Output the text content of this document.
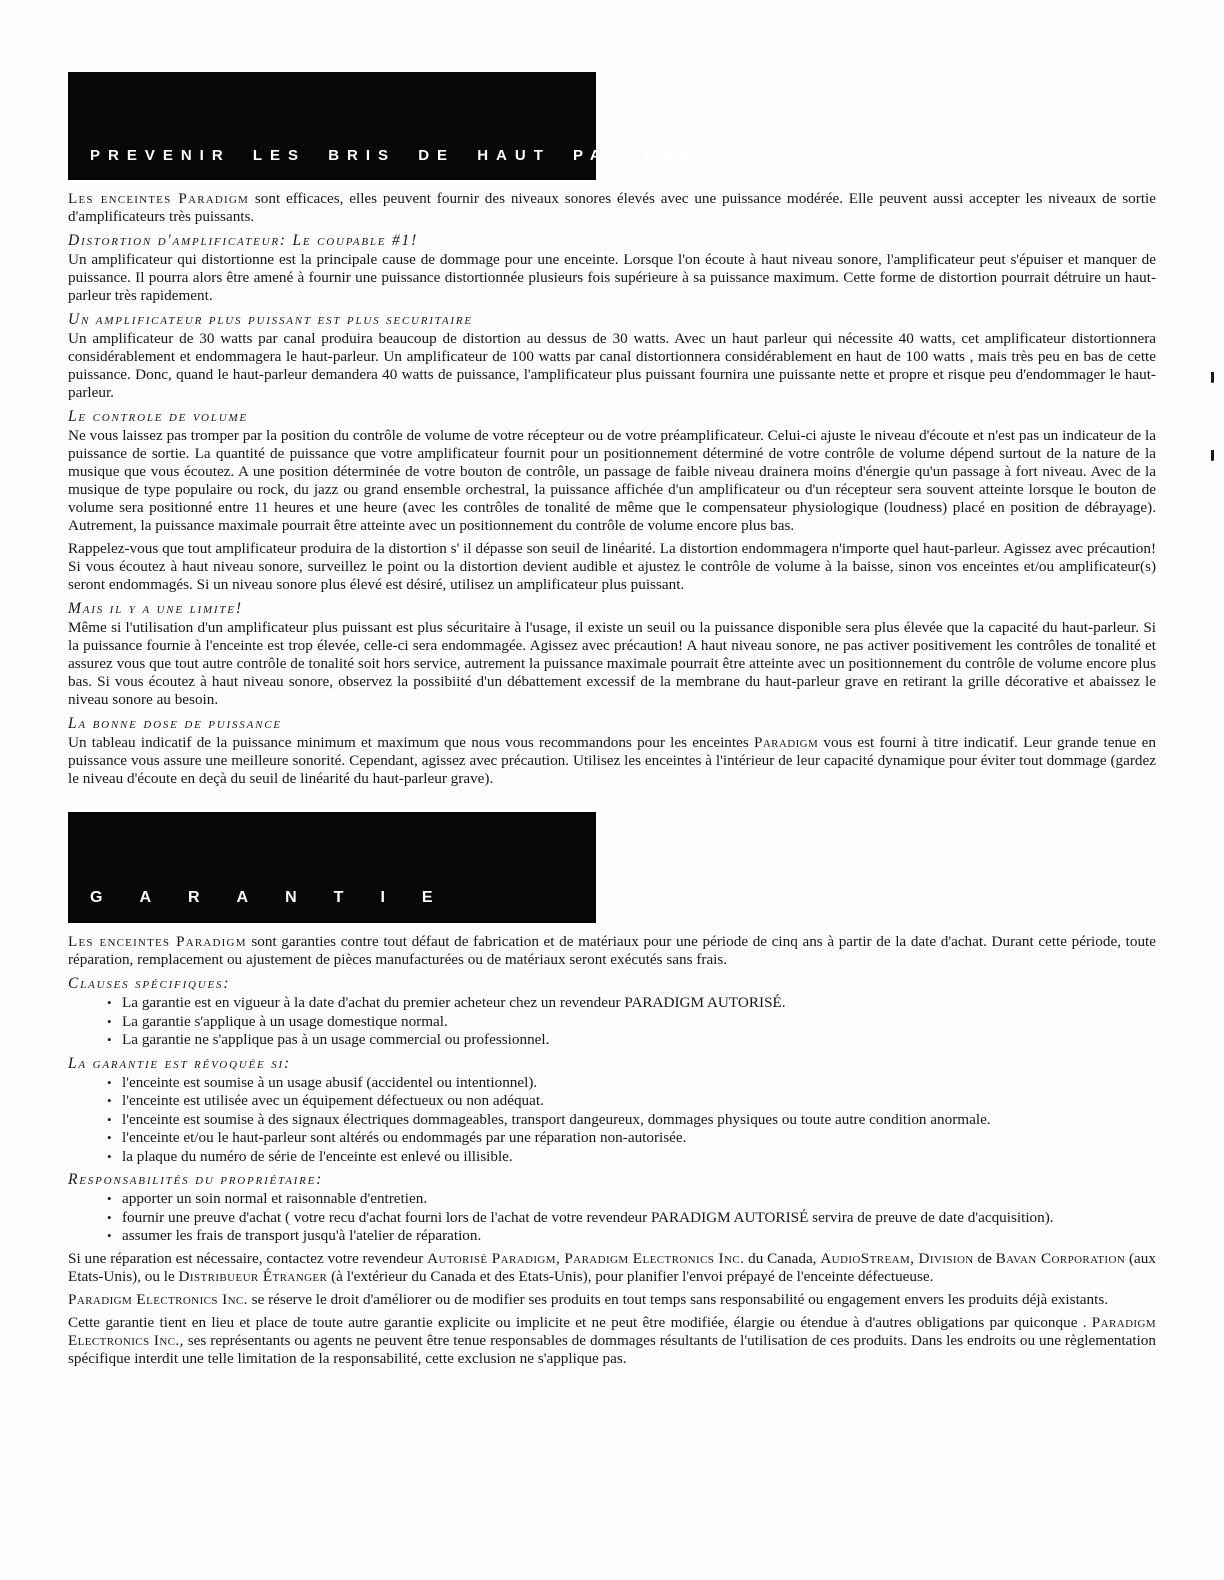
PREVENIR LES BRIS DE HAUT PARLEUR

Les enceintes Paradigm sont efficaces, elles peuvent fournir des niveaux sonores élevés avec une puissance modérée. Elle peuvent aussi accepter les niveaux de sortie d'amplificateurs très puissants.

Distortion d'amplificateur: Le coupable #1!

Un amplificateur qui distortionne est la principale cause de dommage pour une enceinte. Lorsque l'on écoute à haut niveau sonore, l'amplificateur peut s'épuiser et manquer de puissance. Il pourra alors être amené à fournir une puissance distortionnée plusieurs fois supérieure à sa puissance maximum. Cette forme de distortion pourrait détruire un haut-parleur très rapidement.

Un amplificateur plus puissant est plus securitaire

Un amplificateur de 30 watts par canal produira beaucoup de distortion au dessus de 30 watts. Avec un haut parleur qui nécessite 40 watts, cet amplificateur distortionnera considérablement et endommagera le haut-parleur. Un amplificateur de 100 watts par canal distortionnera considérablement en haut de 100 watts , mais très peu en bas de cette puissance. Donc, quand le haut-parleur demandera 40 watts de puissance, l'amplificateur plus puissant fournira une puissante nette et propre et risque peu d'endommager le haut-parleur.

Le controle de volume

Ne vous laissez pas tromper par la position du contrôle de volume de votre récepteur ou de votre préamplificateur. Celui-ci ajuste le niveau d'écoute et n'est pas un indicateur de la puissance de sortie. La quantité de puissance que votre amplificateur fournit pour un positionnement déterminé de votre contrôle de volume dépend surtout de la nature de la musique que vous écoutez. A une position déterminée de votre bouton de contrôle, un passage de faible niveau drainera moins d'énergie qu'un passage à fort niveau. Avec de la musique de type populaire ou rock, du jazz ou grand ensemble orchestral, la puissance affichée d'un amplificateur ou d'un récepteur sera souvent atteinte lorsque le bouton de volume sera positionné entre 11 heures et une heure (avec les contrôles de tonalité de même que le compensateur physiologique (loudness) placé en position de débrayage). Autrement, la puissance maximale pourrait être atteinte avec un positionnement du contrôle de volume encore plus bas.

Rappelez-vous que tout amplificateur produira de la distortion s' il dépasse son seuil de linéarité. La distortion endommagera n'importe quel haut-parleur. Agissez avec précaution! Si vous écoutez à haut niveau sonore, surveillez le point ou la distortion devient audible et ajustez le contrôle de volume à la baisse, sinon vos enceintes et/ou amplificateur(s) seront endommagés. Si un niveau sonore plus élevé est désiré, utilisez un amplificateur plus puissant.

Mais il y a une limite!

Même si l'utilisation d'un amplificateur plus puissant est plus sécuritaire à l'usage, il existe un seuil ou la puissance disponible sera plus élevée que la capacité du haut-parleur. Si la puissance fournie à l'enceinte est trop élevée, celle-ci sera endommagée. Agissez avec précaution! A haut niveau sonore, ne pas activer positivement les contrôles de tonalité et assurez vous que tout autre contrôle de tonalité soit hors service, autrement la puissance maximale pourrait être atteinte avec un positionnement du contrôle de volume encore plus bas. Si vous écoutez à haut niveau sonore, observez la possibiité d'un débattement excessif de la membrane du haut-parleur grave en retirant la grille décorative et abaissez le niveau sonore au besoin.

La bonne dose de puissance

Un tableau indicatif de la puissance minimum et maximum que nous vous recommandons pour les enceintes Paradigm vous est fourni à titre indicatif. Leur grande tenue en puissance vous assure une meilleure sonorité. Cependant, agissez avec précaution. Utilisez les enceintes à l'intérieur de leur capacité dynamique pour éviter tout dommage (gardez le niveau d'écoute en deçà du seuil de linéarité du haut-parleur grave).

GARANTIE

Les enceintes Paradigm sont garanties contre tout défaut de fabrication et de matériaux pour une période de cinq ans à partir de la date d'achat. Durant cette période, toute réparation, remplacement ou ajustement de pièces manufacturées ou de matériaux seront exécutés sans frais.

Clauses spécifiques:
• La garantie est en vigueur à la date d'achat du premier acheteur chez un revendeur PARADIGM AUTORISÉ.
• La garantie s'applique à un usage domestique normal.
• La garantie ne s'applique pas à un usage commercial ou professionnel.
La garantie est révoquée si:
• l'enceinte est soumise à un usage abusif (accidentel ou intentionnel).
• l'enceinte est utilisée avec un équipement défectueux ou non adéquat.
• l'enceinte est soumise à des signaux électriques dommageables, transport dangeureux, dommages physiques ou toute autre condition anormale.
• l'enceinte et/ou le haut-parleur sont altérés ou endommagés par une réparation non-autorisée.
• la plaque du numéro de série de l'enceinte est enlevé ou illisible.
Responsabilités du propriétaire:
• apporter un soin normal et raisonnable d'entretien.
• fournir une preuve d'achat ( votre recu d'achat fourni lors de l'achat de votre revendeur PARADIGM AUTORISÉ servira de preuve de date d'acquisition).
• assumer les frais de transport jusqu'à l'atelier de réparation.

Si une réparation est nécessaire, contactez votre revendeur Autorisé Paradigm, Paradigm Electronics Inc. du Canada, AudioStream, Division de Bavan Corporation (aux Etats-Unis), ou le Distribueur Étranger (à l'extérieur du Canada et des Etats-Unis), pour planifier l'envoi prépayé de l'enceinte défectueuse.

Paradigm Electronics Inc. se réserve le droit d'améliorer ou de modifier ses produits en tout temps sans responsabilité ou engagement envers les produits déjà existants.

Cette garantie tient en lieu et place de toute autre garantie explicite ou implicite et ne peut être modifiée, élargie ou étendue à d'autres obligations par quiconque . Paradigm Electronics Inc., ses représentants ou agents ne peuvent être tenue responsables de dommages résultants de l'utilisation de ces produits. Dans les endroits ou une règlementation spécifique interdit une telle limitation de la responsabilité, cette exclusion ne s'applique pas.
